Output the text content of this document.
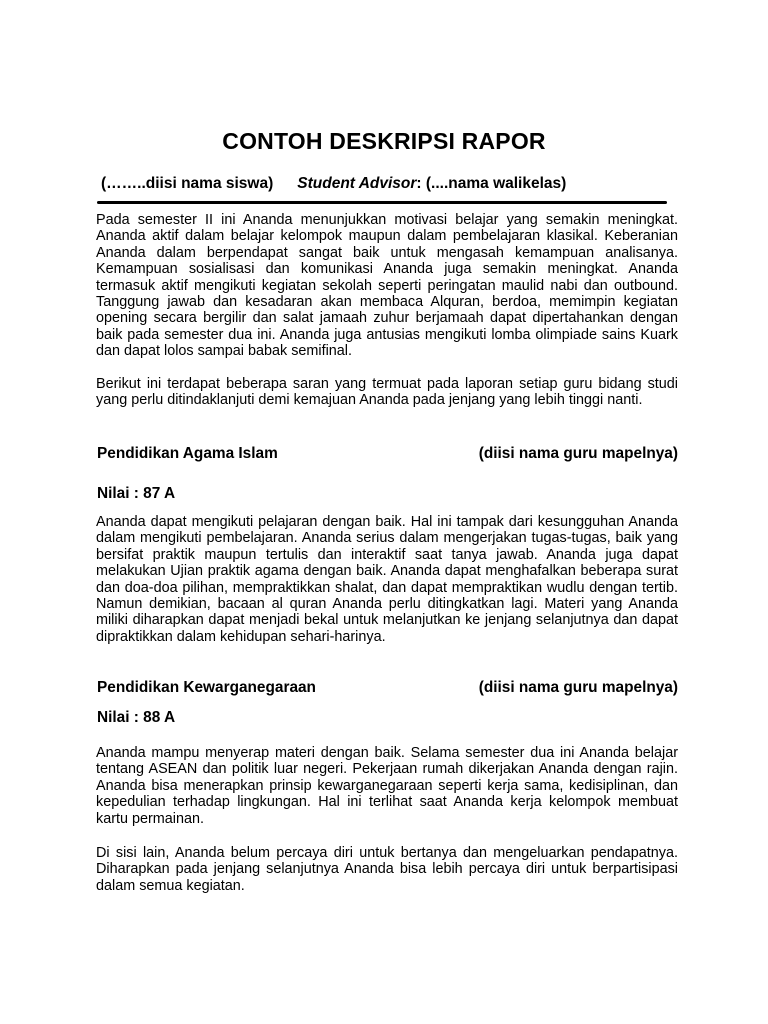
CONTOH DESKRIPSI RAPOR
(……..diisi nama siswa) Student Advisor: (....nama walikelas)

Pada semester II ini Ananda menunjukkan motivasi belajar yang semakin meningkat. Ananda aktif dalam belajar kelompok maupun dalam pembelajaran klasikal. Keberanian Ananda dalam berpendapat sangat baik untuk mengasah kemampuan analisanya. Kemampuan sosialisasi dan komunikasi Ananda juga semakin meningkat. Ananda termasuk aktif mengikuti kegiatan sekolah seperti peringatan maulid nabi dan outbound. Tanggung jawab dan kesadaran akan membaca Alquran, berdoa, memimpin kegiatan opening secara bergilir dan salat jamaah zuhur berjamaah dapat dipertahankan dengan baik pada semester dua ini. Ananda juga antusias mengikuti lomba olimpiade sains Kuark dan dapat lolos sampai babak semifinal.

Berikut ini terdapat beberapa saran yang termuat pada laporan setiap guru bidang studi yang perlu ditindaklanjuti demi kemajuan Ananda pada jenjang yang lebih tinggi nanti.

Pendidikan Agama Islam	(diisi nama guru mapelnya)
Nilai : 87 A

Ananda dapat mengikuti pelajaran dengan baik. Hal ini tampak dari kesungguhan Ananda dalam mengikuti pembelajaran. Ananda serius dalam mengerjakan tugas-tugas, baik yang bersifat praktik maupun tertulis dan interaktif saat tanya jawab. Ananda juga dapat melakukan Ujian praktik agama dengan baik. Ananda dapat menghafalkan beberapa surat dan doa-doa pilihan, mempraktikkan shalat, dan dapat mempraktikan wudlu dengan tertib. Namun demikian, bacaan al quran Ananda perlu ditingkatkan lagi. Materi yang Ananda miliki diharapkan dapat menjadi bekal untuk melanjutkan ke jenjang selanjutnya dan dapat dipraktikkan dalam kehidupan sehari-harinya.

Pendidikan Kewarganegaraan	(diisi nama guru mapelnya)
Nilai : 88 A

Ananda mampu menyerap materi dengan baik. Selama semester dua ini Ananda belajar tentang ASEAN dan politik luar negeri. Pekerjaan rumah dikerjakan Ananda dengan rajin. Ananda bisa menerapkan prinsip kewarganegaraan seperti kerja sama, kedisiplinan, dan kepedulian terhadap lingkungan. Hal ini terlihat saat Ananda kerja kelompok membuat kartu permainan.

Di sisi lain, Ananda belum percaya diri untuk bertanya dan mengeluarkan pendapatnya. Diharapkan pada jenjang selanjutnya Ananda bisa lebih percaya diri untuk berpartisipasi dalam semua kegiatan.
